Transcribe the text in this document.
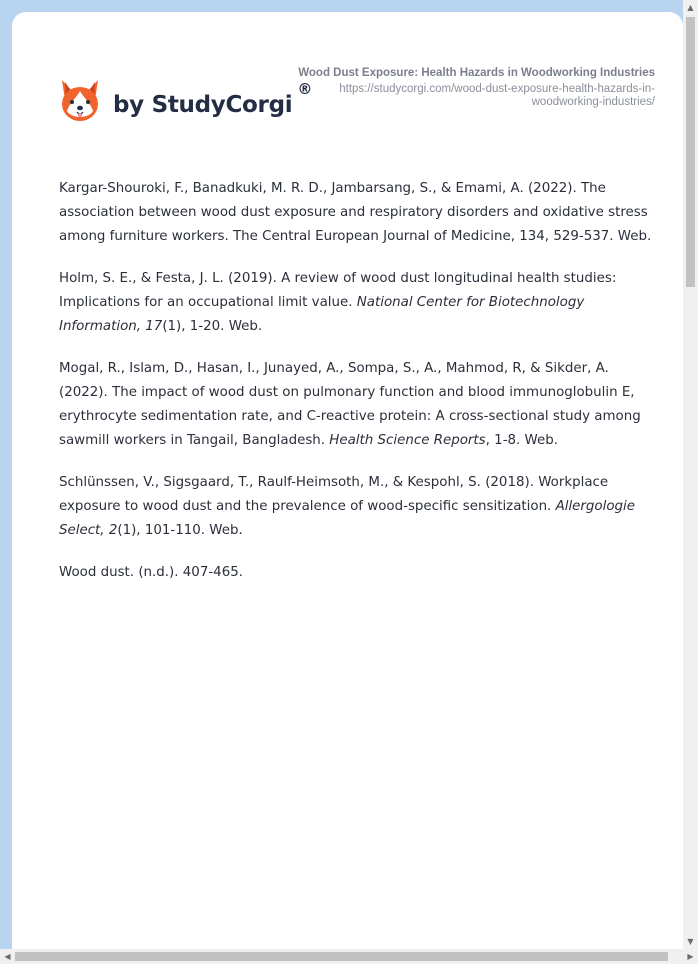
by StudyCorgi
®
Wood Dust Exposure: Health Hazards in Woodworking Industries
https://studycorgi.com/wood-dust-exposure-health-hazards-in-woodworking-industries/

Kargar-Shouroki, F., Banadkuki, M. R. D., Jambarsang, S., & Emami, A. (2022). The association between wood dust exposure and respiratory disorders and oxidative stress among furniture workers. The Central European Journal of Medicine, 134, 529-537. Web.

Holm, S. E., & Festa, J. L. (2019). A review of wood dust longitudinal health studies: Implications for an occupational limit value. National Center for Biotechnology Information, 17(1), 1-20. Web.

Mogal, R., Islam, D., Hasan, I., Junayed, A., Sompa, S., A., Mahmod, R, & Sikder, A. (2022). The impact of wood dust on pulmonary function and blood immunoglobulin E, erythrocyte sedimentation rate, and C-reactive protein: A cross-sectional study among sawmill workers in Tangail, Bangladesh. Health Science Reports, 1-8. Web.

Schlünssen, V., Sigsgaard, T., Raulf-Heimsoth, M., & Kespohl, S. (2018). Workplace exposure to wood dust and the prevalence of wood-specific sensitization. Allergologie Select, 2(1), 101-110. Web.

Wood dust. (n.d.). 407-465.

▲
▼
◀	▶
